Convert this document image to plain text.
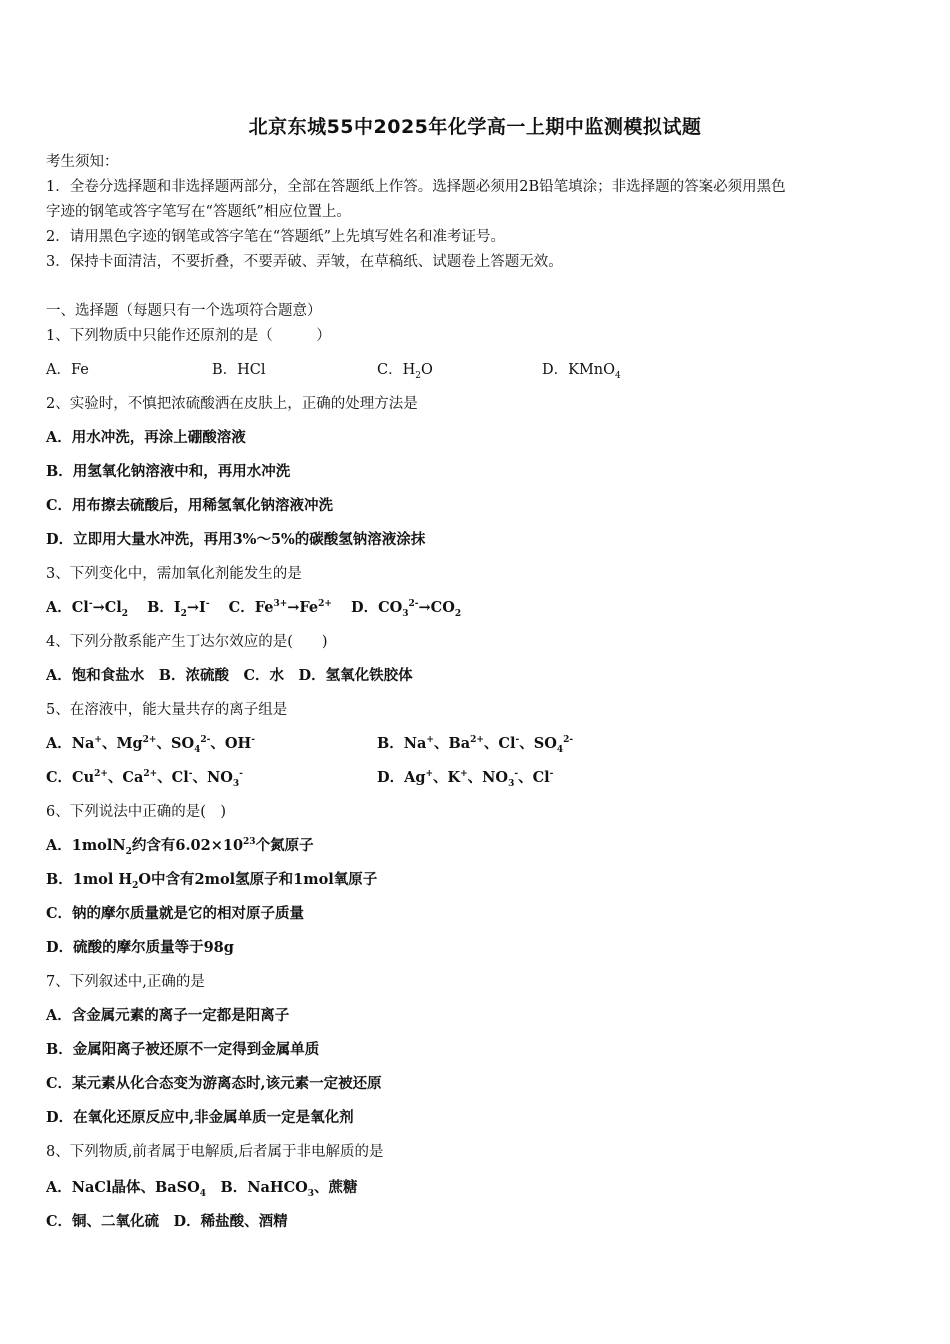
北京东城55中2025年化学高一上期中监测模拟试题
考生须知：
1．全卷分选择题和非选择题两部分，全部在答题纸上作答。选择题必须用2B铅笔填涂；非选择题的答案必须用黑色
字迹的钢笔或答字笔写在“答题纸”相应位置上。
2．请用黑色字迹的钢笔或答字笔在“答题纸”上先填写姓名和准考证号。
3．保持卡面清洁，不要折叠，不要弄破、弄皱，在草稿纸、试题卷上答题无效。
一、选择题（每题只有一个选项符合题意）
1、下列物质中只能作还原剂的是（　　　）
A．Fe	B．HCl	C．$H_2O$	D．KMnO$_4$
2、实验时，不慎把浓硫酸洒在皮肤上，正确的处理方法是
A．用水冲洗，再涂上硼酸溶液
B．用氢氧化钠溶液中和，再用水冲洗
C．用布擦去硫酸后，用稀氢氧化钠溶液冲洗
D．立即用大量水冲洗，再用3%～5%的碳酸氢钠溶液涂抹
3、下列变化中，需加氧化剂能发生的是
A．$Cl^-\to Cl_2$ B．$I_2\to I^-$ C．$Fe^{3+}\to Fe^{2+}$ D．$CO_3^{2-}\to CO_2$
4、下列分散系能产生丁达尔效应的是(　　)
A．饱和食盐水　B．浓硫酸　C．水　D．氢氧化铁胶体
5、在溶液中，能大量共存的离子组是
A．Na+、$Mg^{2+}$、$SO_4^{2-}$、OH-	B．Na+、$Ba^{2+}$、Cl-、$SO_4^{2-}$
C．$Cu^{2+}$、$Ca^{2+}$、Cl-、$NO_3^-$	D．Ag+、K+、$NO_3^-$、Cl-
6、下列说法中正确的是(　)
A．1molN$_2$约含有$6.02\times 10^{23}$个氮原子
B．1mol $H_2O$中含有2mol氢原子和1mol氧原子
C．钠的摩尔质量就是它的相对原子质量
D．硫酸的摩尔质量等于98g
7、下列叙述中,正确的是
A．含金属元素的离子一定都是阳离子
B．金属阳离子被还原不一定得到金属单质
C．某元素从化合态变为游离态时,该元素一定被还原
D．在氧化还原反应中,非金属单质一定是氧化剂
8、下列物质,前者属于电解质,后者属于非电解质的是
A．NaCl晶体、BaSO$_4$　B．NaHCO$_3$、蔗糖
C．铜、二氧化硫　D．稀盐酸、酒精
